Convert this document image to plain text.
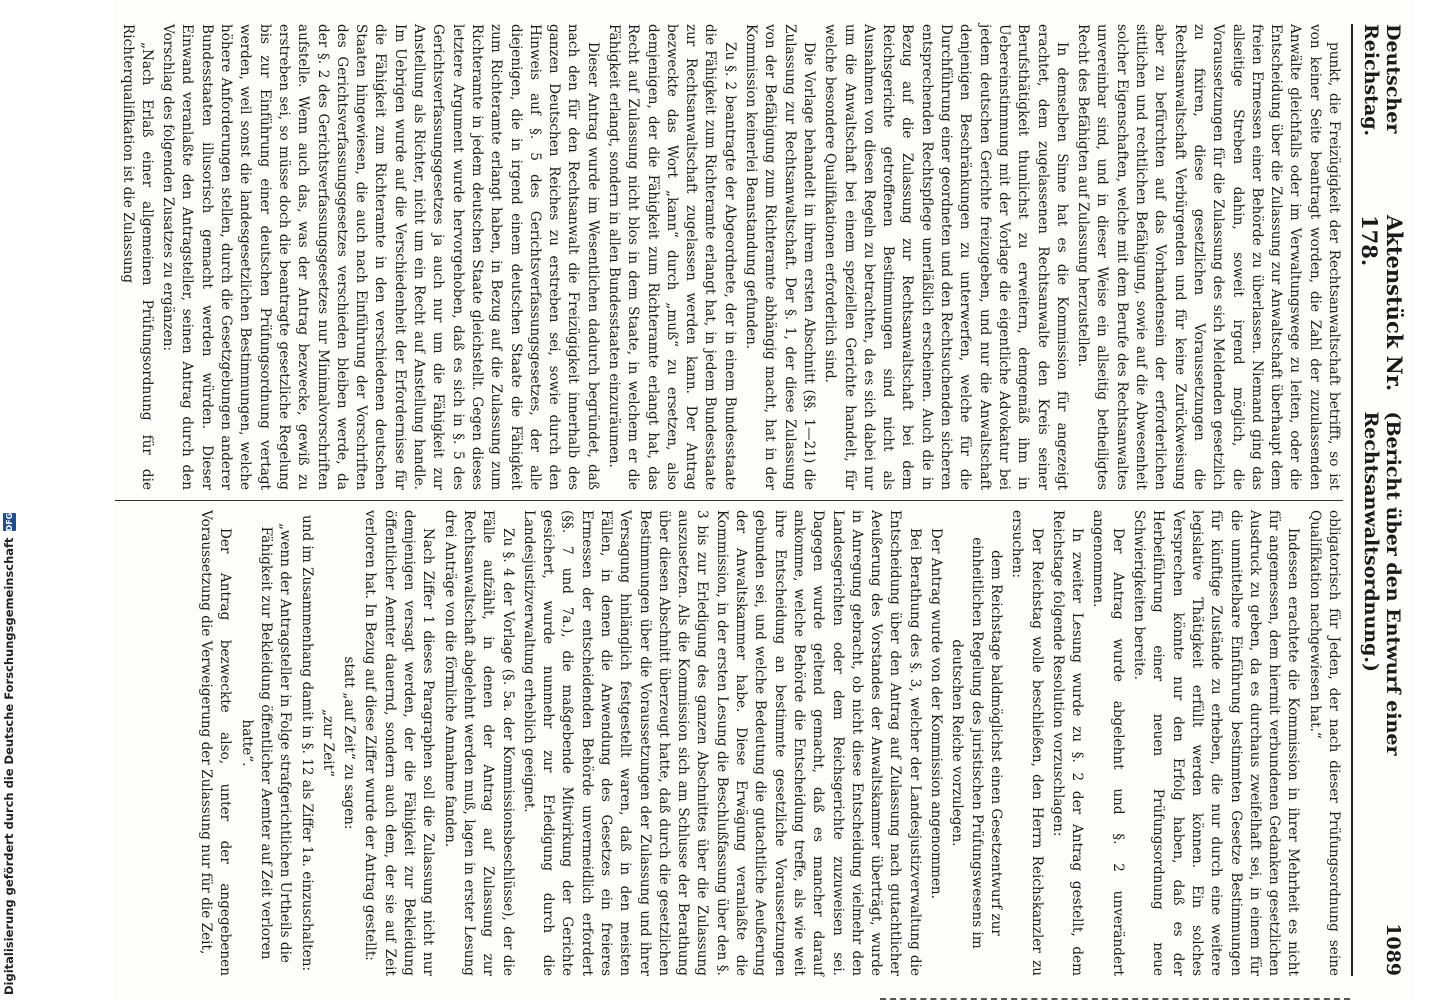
Digitalisierung gefördert durch die Deutsche Forschungsgemeinschaft
DFG
Deutscher Reichstag.
Aktenstück Nr. 178.
(Bericht über den Entwurf einer Rechtsanwaltsordnung.)
1089

punkt, die Freizügigkeit der Rechtsanwaltschaft betrifft, so ist von keiner Seite beantragt worden, die Zahl der zuzulassenden Anwälte gleichfalls oder im Verwaltungswege zu leiten, oder die Entscheidung über die Zulassung zur Anwaltschaft überhaupt dem freien Ermessen einer Behörde zu überlassen. Niemand ging das allseitige Streben dahin, soweit irgend möglich, die Voraussetzungen für die Zulassung des sich Meldenden gesetzlich zu fixiren, diese gesetzlichen Voraussetzungen die Rechtsanwaltschaft Verbürgenden und für keine Zurückweisung aber zu befürchten auf das Vorhandensein der erforderlichen sittlichen und rechtlichen Befähigung, sowie auf die Abwesenheit solcher Eigenschaften, welche mit dem Berufe des Rechtsanwaltes unvereinbar sind, und in dieser Weise ein allseitig betheiligtes Recht des Befähigten auf Zulassung herzustellen.

In demselben Sinne hat es die Kommission für angezeigt erachtet, dem zugelassenen Rechtsanwalte den Kreis seiner Berufsthätigkeit thunlichst zu erweitern, demgemäß ihm in Uebereinstimmung mit der Vorlage die eigentliche Advokatur bei jedem deutschen Gerichte freizugeben, und nur die Anwaltschaft denjenigen Beschränkungen zu unterwerfen, welche für die Durchführung einer geordneten und den Rechtsuchenden sicheren entsprechenden Rechtspflege unerläßlich erscheinen. Auch die in Bezug auf die Zulassung zur Rechtsanwaltschaft bei dem Reichsgerichte getroffenen Bestimmungen sind nicht als Ausnahmen von diesen Regeln zu betrachten, da es sich dabei nur um die Anwaltschaft bei einem speziellen Gerichte handelt, für welche besondere Qualifikationen erforderlich sind.

Die Vorlage behandelt in ihrem ersten Abschnitt (§§. 1—21) die Zulassung zur Rechtsanwaltschaft. Der §. 1, der diese Zulassung von der Befähigung zum Richteramte abhängig macht, hat in der Kommission keinerlei Beanstandung gefunden.

Zu §. 2 beantragte der Abgeordnete, der in einem Bundesstaate die Fähigkeit zum Richteramte erlangt hat, in jedem Bundesstaate zur Rechtsanwaltschaft zugelassen werden kann. Der Antrag bezweckte das Wort „kann“ durch „muß“ zu ersetzen, also demjenigen, der die Fähigkeit zum Richteramte erlangt hat, das Recht auf Zulassung nicht blos in dem Staate, in welchem er die Fähigkeit erlangt, sondern in allen Bundesstaaten einzuräumen.

Dieser Antrag wurde im Wesentlichen dadurch begründet, daß nach den für den Rechtsanwalt die Freizügigkeit innerhalb des ganzen Deutschen Reiches zu erstreben sei, sowie durch den Hinweis auf §. 5 des Gerichtsverfassungsgesetzes, der alle diejenigen, die in irgend einem deutschen Staate die Fähigkeit zum Richteramte erlangt haben, in Bezug auf die Zulassung zum Richteramte in jedem deutschen Staate gleichstellt. Gegen dieses letztere Argument wurde hervorgehoben, daß es sich in §. 5 des Gerichtsverfassungsgesetzes ja auch nur um die Fähigkeit zur Anstellung als Richter, nicht um ein Recht auf Anstellung handle. Im Uebrigen wurde auf die Verschiedenheit der Erfordernisse für die Fähigkeit zum Richteramte in den verschiedenen deutschen Staaten hingewiesen, die auch nach Einführung der Vorschriften des Gerichtsverfassungsgesetzes verschieden bleiben werde, da der §. 2 des Gerichtsverfassungsgesetzes nur Minimalvorschriften aufstelle. Wenn auch das, was der Antrag bezwecke, gewiß zu erstreben sei, so müsse doch die beantragte gesetzliche Regelung bis zur Einführung einer deutschen Prüfungsordnung vertagt werden, weil sonst die landesgesetzlichen Bestimmungen, welche höhere Anforderungen stellen, durch die Gesetzgebungen anderer Bundesstaaten illusorisch gemacht werden würden. Dieser Einwand veranlaßte den Antragsteller, seinen Antrag durch den Vorschlag des folgenden Zusatzes zu ergänzen:

„Nach Erlaß einer allgemeinen Prüfungsordnung für die Richterqualifikation ist die Zulassung

obligatorisch für Jeden, der nach dieser Prüfungsordnung seine Qualifikation nachgewiesen hat.“

Indessen erachtete die Kommission in ihrer Mehrheit es nicht für angemessen, dem hiermit verbundenen Gedanken gesetzlichen Ausdruck zu geben, da es durchaus zweifelhaft sei, in einem für die unmittelbare Einführung bestimmten Gesetze Bestimmungen für künftige Zustände zu erheben, die nur durch eine weitere legislative Thätigkeit erfüllt werden können. Ein solches Versprechen könnte nur den Erfolg haben, daß es der Herbeiführung einer neuen Prüfungsordnung neue Schwierigkeiten bereite.

Der Antrag wurde abgelehnt und §. 2 unverändert angenommen.

In zweiter Lesung wurde zu §. 2 der Antrag gestellt, dem Reichstage folgende Resolution vorzuschlagen:

Der Reichstag wolle beschließen, den Herrn Reichskanzler zu ersuchen:

dem Reichstage baldmöglichst einen Gesetzentwurf zur einheitlichen Regelung des juristischen Prüfungswesens im deutschen Reiche vorzulegen.

Der Antrag wurde von der Kommission angenommen.

Bei Berathung des §. 3, welcher der Landesjustizverwaltung die Entscheidung über den Antrag auf Zulassung nach gutachtlicher Aeußerung des Vorstandes der Anwaltskammer überträgt, wurde in Anregung gebracht, ob nicht diese Entscheidung vielmehr den Landesgerichten oder dem Reichsgerichte zuzuweisen sei. Dagegen wurde geltend gemacht, daß es mancher darauf ankomme, welche Behörde die Entscheidung treffe, als wie weit ihre Entscheidung an bestimmte gesetzliche Voraussetzungen gebunden sei, und welche Bedeutung die gutachtliche Aeußerung der Anwaltskammer habe. Diese Erwägung veranlaßte die Kommission, in der ersten Lesung die Beschlußfassung über den §. 3 bis zur Erledigung des ganzen Abschnittes über die Zulassung auszusetzen. Als die Kommission sich am Schlusse der Berathung über diesen Abschnitt überzeugt hatte, daß durch die gesetzlichen Bestimmungen über die Voraussetzungen der Zulassung und ihrer Versagung hinlänglich festgestellt waren, daß in den meisten Fällen, in denen die Anwendung des Gesetzes ein freieres Ermessen der entscheidenden Behörde unvermeidlich erfordert (§§. 7 und 7a.), die maßgebende Mitwirkung der Gerichte gesichert, wurde nunmehr zur Erledigung durch die Landesjustizverwaltung erheblich geeignet.

Zu §. 4 der Vorlage (§. 5a. der Kommissionsbeschlüsse), der die Fälle aufzählt, in denen der Antrag auf Zulassung zur Rechtsanwaltschaft abgelehnt werden muß, lagen in erster Lesung drei Anträge von die förmliche Annahme fanden.

Nach Ziffer 1 dieses Paragraphen soll die Zulassung nicht nur demjenigen versagt werden, der die Fähigkeit zur Bekleidung öffentlicher Aemter dauernd, sondern auch dem, der sie auf Zeit verloren hat. In Bezug auf diese Ziffer wurde der Antrag gestellt:

statt „auf Zeit“ zu sagen:

„zur Zeit“

und im Zusammenhang damit in §. 12 als Ziffer 1a. einzuschalten:

„wenn der Antragsteller in Folge strafgerichtlichen Urtheils die Fähigkeit zur Bekleidung öffentlicher Aemter auf Zeit verloren hatte“.

Der Antrag bezweckte also, unter der angegebenen Voraussetzung die Verweigerung der Zulassung nur für die Zeit,
